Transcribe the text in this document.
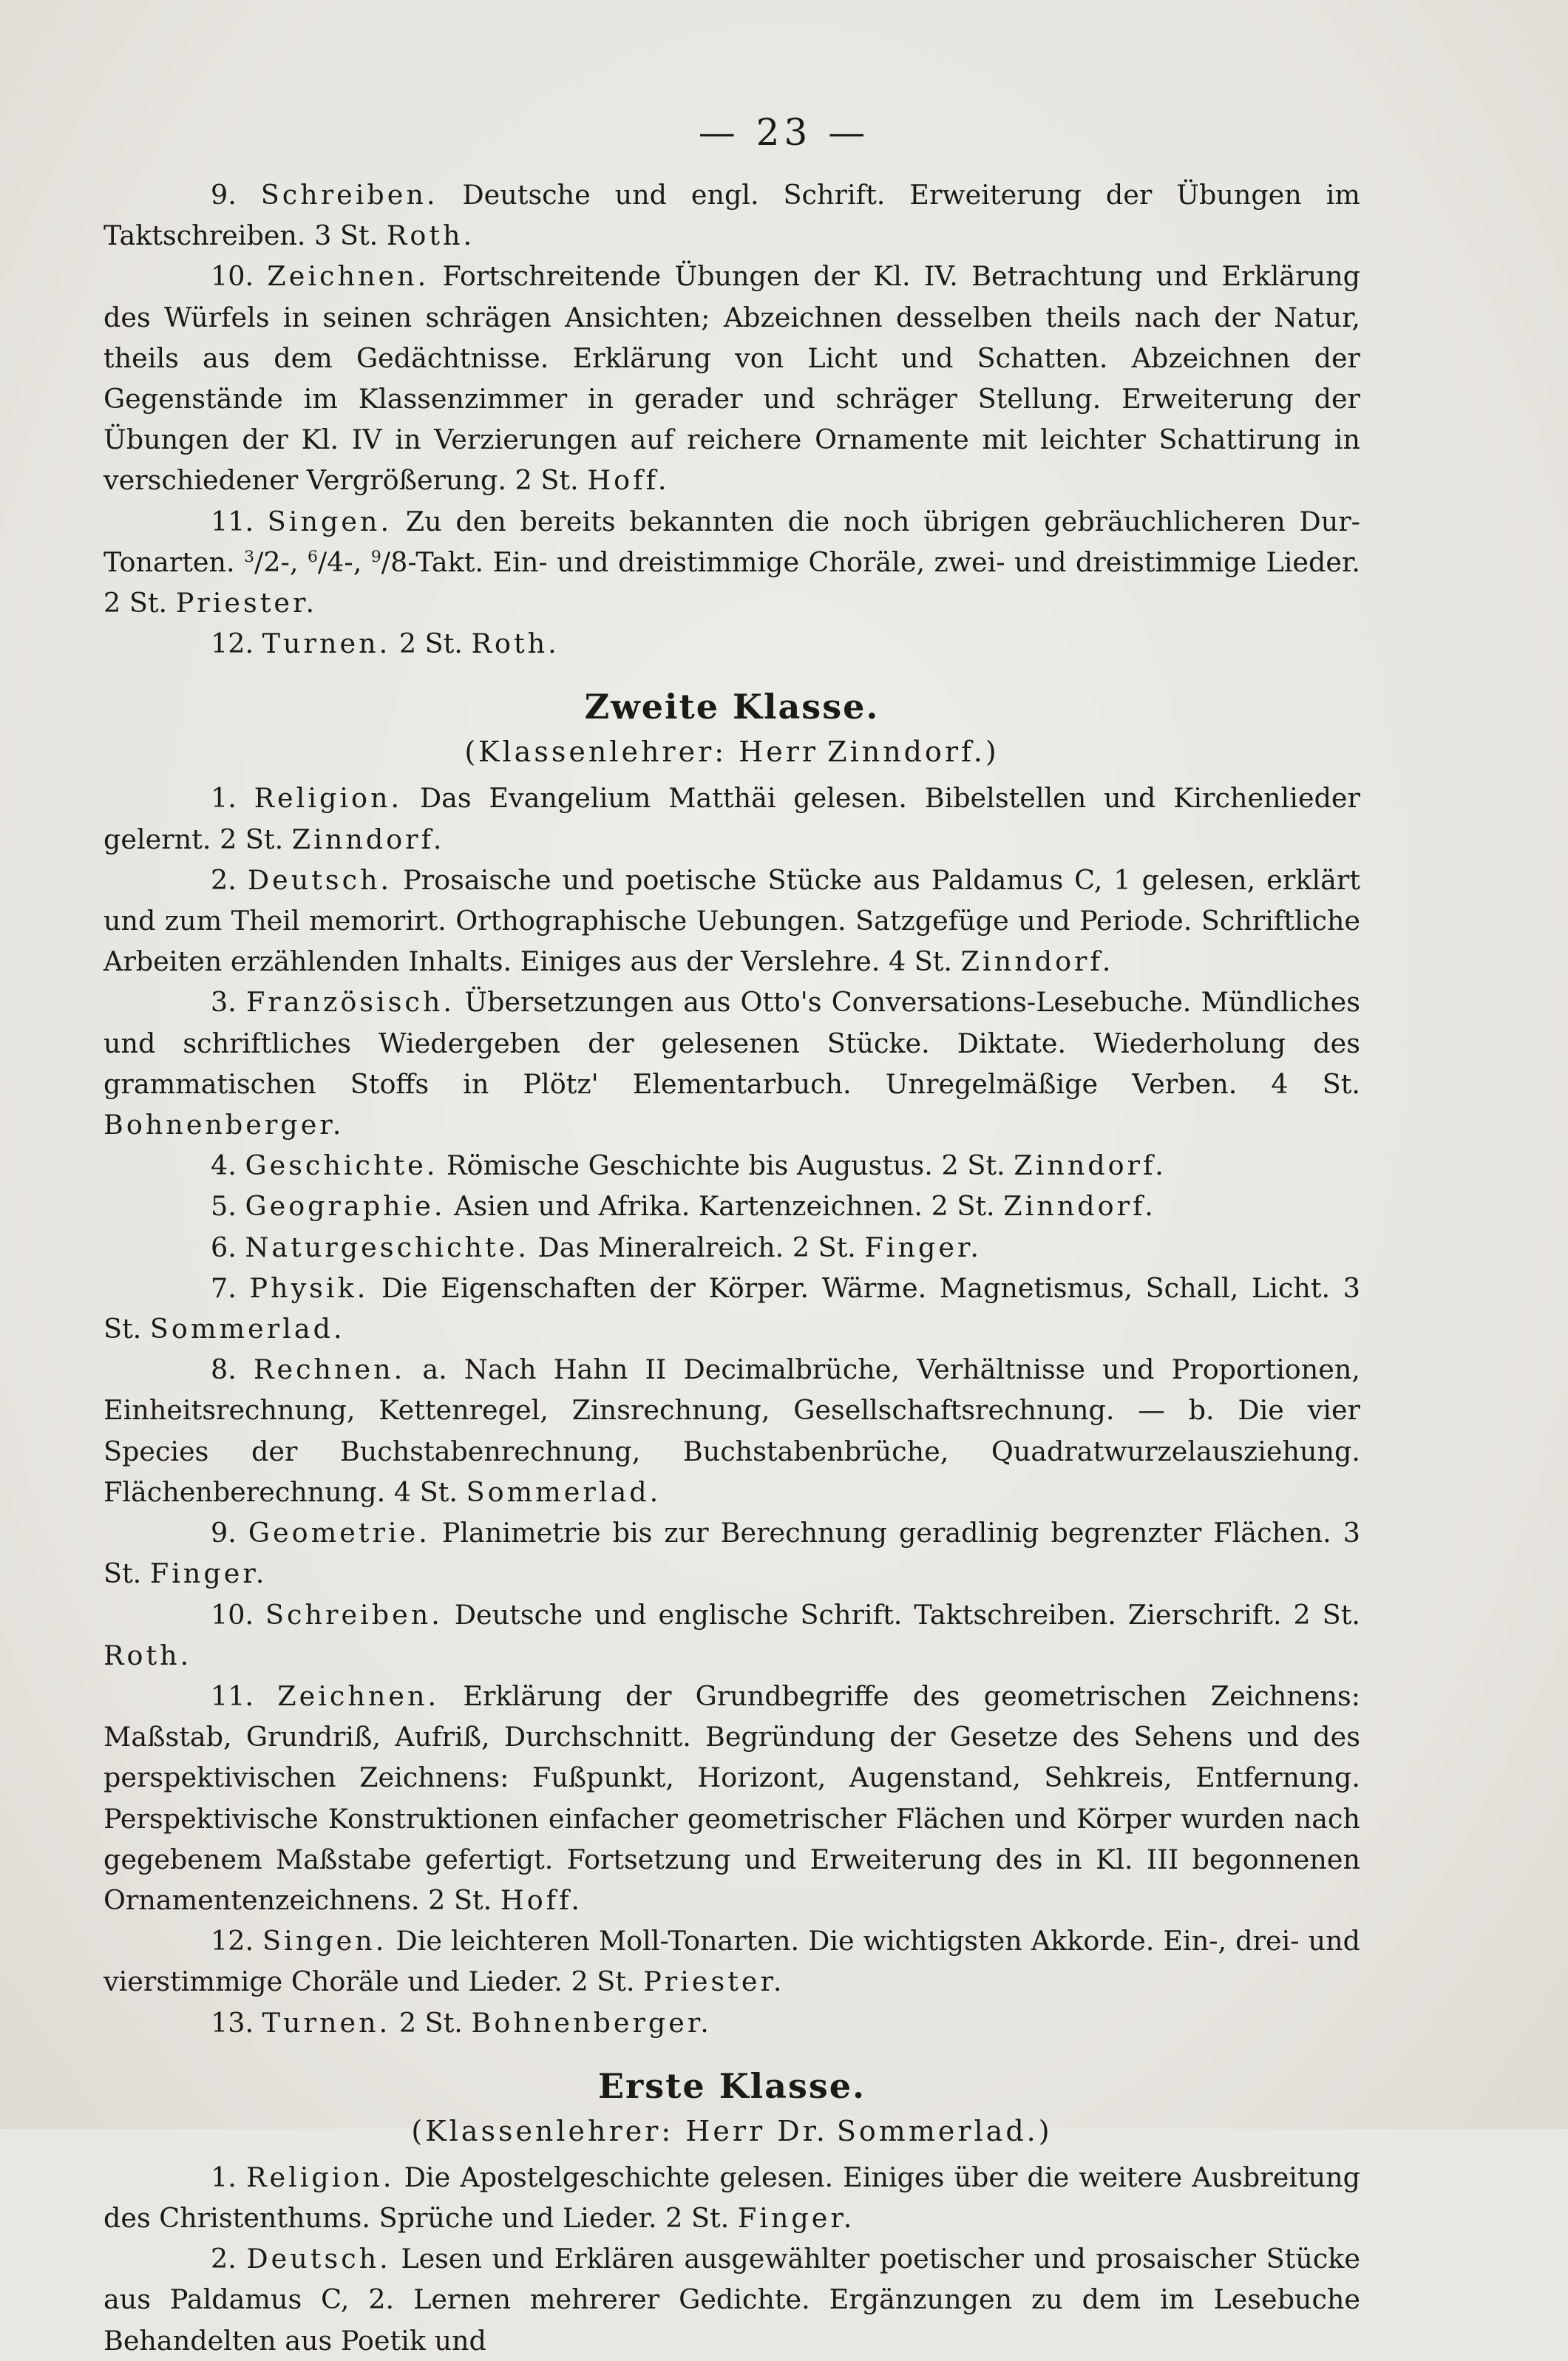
— 23 —

9. Schreiben. Deutsche und engl. Schrift. Erweiterung der Übungen im Taktschreiben. 3 St. Roth.

10. Zeichnen. Fortschreitende Übungen der Kl. IV. Betrachtung und Erklärung des Würfels in seinen schrägen Ansichten; Abzeichnen desselben theils nach der Natur, theils aus dem Gedächtnisse. Erklärung von Licht und Schatten. Abzeichnen der Gegenstände im Klassenzimmer in gerader und schräger Stellung. Erweiterung der Übungen der Kl. IV in Verzierungen auf reichere Ornamente mit leichter Schattirung in verschiedener Vergrößerung. 2 St. Hoff.

11. Singen. Zu den bereits bekannten die noch übrigen gebräuchlicheren Dur-Tonarten. $^3$/2-, $^6$/4-, $^9$/8-Takt. Ein- und dreistimmige Choräle, zwei- und dreistimmige Lieder. 2 St. Priester.

12. Turnen. 2 St. Roth.

Zweite Klasse.
(Klassenlehrer: Herr Zinndorf.)

1. Religion. Das Evangelium Matthäi gelesen. Bibelstellen und Kirchenlieder gelernt. 2 St. Zinndorf.

2. Deutsch. Prosaische und poetische Stücke aus Paldamus C, 1 gelesen, erklärt und zum Theil memorirt. Orthographische Uebungen. Satzgefüge und Periode. Schriftliche Arbeiten erzählenden Inhalts. Einiges aus der Verslehre. 4 St. Zinndorf.

3. Französisch. Übersetzungen aus Otto's Conversations-Lesebuche. Mündliches und schriftliches Wiedergeben der gelesenen Stücke. Diktate. Wiederholung des grammatischen Stoffs in Plötz' Elementarbuch. Unregelmäßige Verben. 4 St. Bohnenberger.

4. Geschichte. Römische Geschichte bis Augustus. 2 St. Zinndorf.

5. Geographie. Asien und Afrika. Kartenzeichnen. 2 St. Zinndorf.

6. Naturgeschichte. Das Mineralreich. 2 St. Finger.

7. Physik. Die Eigenschaften der Körper. Wärme. Magnetismus, Schall, Licht. 3 St. Sommerlad.

8. Rechnen. a. Nach Hahn II Decimalbrüche, Verhältnisse und Proportionen, Einheitsrechnung, Kettenregel, Zinsrechnung, Gesellschaftsrechnung. — b. Die vier Species der Buchstabenrechnung, Buchstabenbrüche, Quadratwurzelausziehung. Flächenberechnung. 4 St. Sommerlad.

9. Geometrie. Planimetrie bis zur Berechnung geradlinig begrenzter Flächen. 3 St. Finger.

10. Schreiben. Deutsche und englische Schrift. Taktschreiben. Zierschrift. 2 St. Roth.

11. Zeichnen. Erklärung der Grundbegriffe des geometrischen Zeichnens: Maßstab, Grundriß, Aufriß, Durchschnitt. Begründung der Gesetze des Sehens und des perspektivischen Zeichnens: Fußpunkt, Horizont, Augenstand, Sehkreis, Entfernung. Perspektivische Konstruktionen einfacher geometrischer Flächen und Körper wurden nach gegebenem Maßstabe gefertigt. Fortsetzung und Erweiterung des in Kl. III begonnenen Ornamentenzeichnens. 2 St. Hoff.

12. Singen. Die leichteren Moll-Tonarten. Die wichtigsten Akkorde. Ein-, drei- und vierstimmige Choräle und Lieder. 2 St. Priester.

13. Turnen. 2 St. Bohnenberger.

Erste Klasse.
(Klassenlehrer: Herr Dr. Sommerlad.)

1. Religion. Die Apostelgeschichte gelesen. Einiges über die weitere Ausbreitung des Christenthums. Sprüche und Lieder. 2 St. Finger.

2. Deutsch. Lesen und Erklären ausgewählter poetischer und prosaischer Stücke aus Paldamus C, 2. Lernen mehrerer Gedichte. Ergänzungen zu dem im Lesebuche Behandelten aus Poetik und
